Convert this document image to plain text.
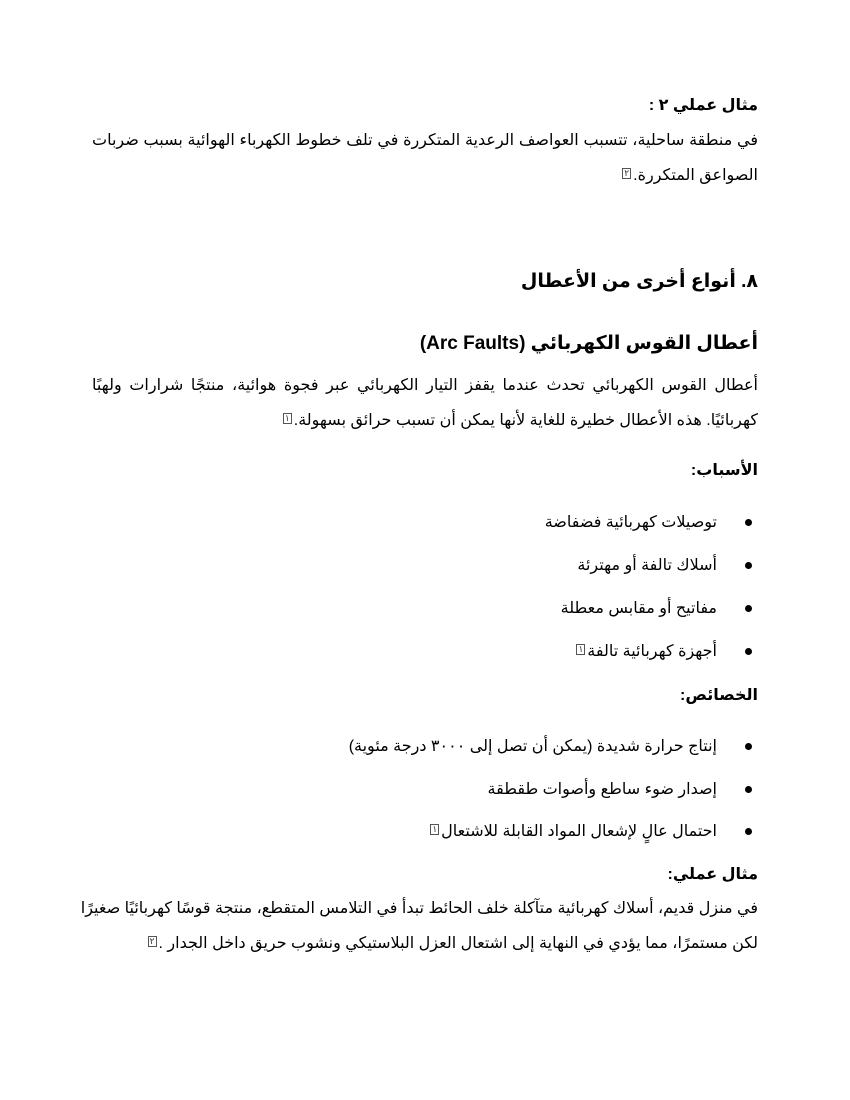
مثال عملي ٢ :
في منطقة ساحلية، تتسبب العواصف الرعدية المتكررة في تلف خطوط الكهرباء الهوائية بسبب ضربات
الصواعق المتكررة.٢
٨. أنواع أخرى من الأعطال
أعطال القوس الكهربائي (Arc Faults)
أعطال القوس الكهربائي تحدث عندما يقفز التيار الكهربائي عبر فجوة هوائية، منتجًا شرارات ولهبًا
كهربائيًا. هذه الأعطال خطيرة للغاية لأنها يمكن أن تسبب حرائق بسهولة.١
الأسباب:
توصيلات كهربائية فضفاضة
أسلاك تالفة أو مهترئة
مفاتيح أو مقابس معطلة
أجهزة كهربائية تالفة١
الخصائص:
إنتاج حرارة شديدة (يمكن أن تصل إلى ٣٠٠٠ درجة مئوية)
إصدار ضوء ساطع وأصوات طقطقة
احتمال عالٍ لإشعال المواد القابلة للاشتعال١
مثال عملي:
في منزل قديم، أسلاك كهربائية متآكلة خلف الحائط تبدأ في التلامس المتقطع، منتجة قوسًا كهربائيًا صغيرًا
لكن مستمرًا، مما يؤدي في النهاية إلى اشتعال العزل البلاستيكي ونشوب حريق داخل الجدار .٢
